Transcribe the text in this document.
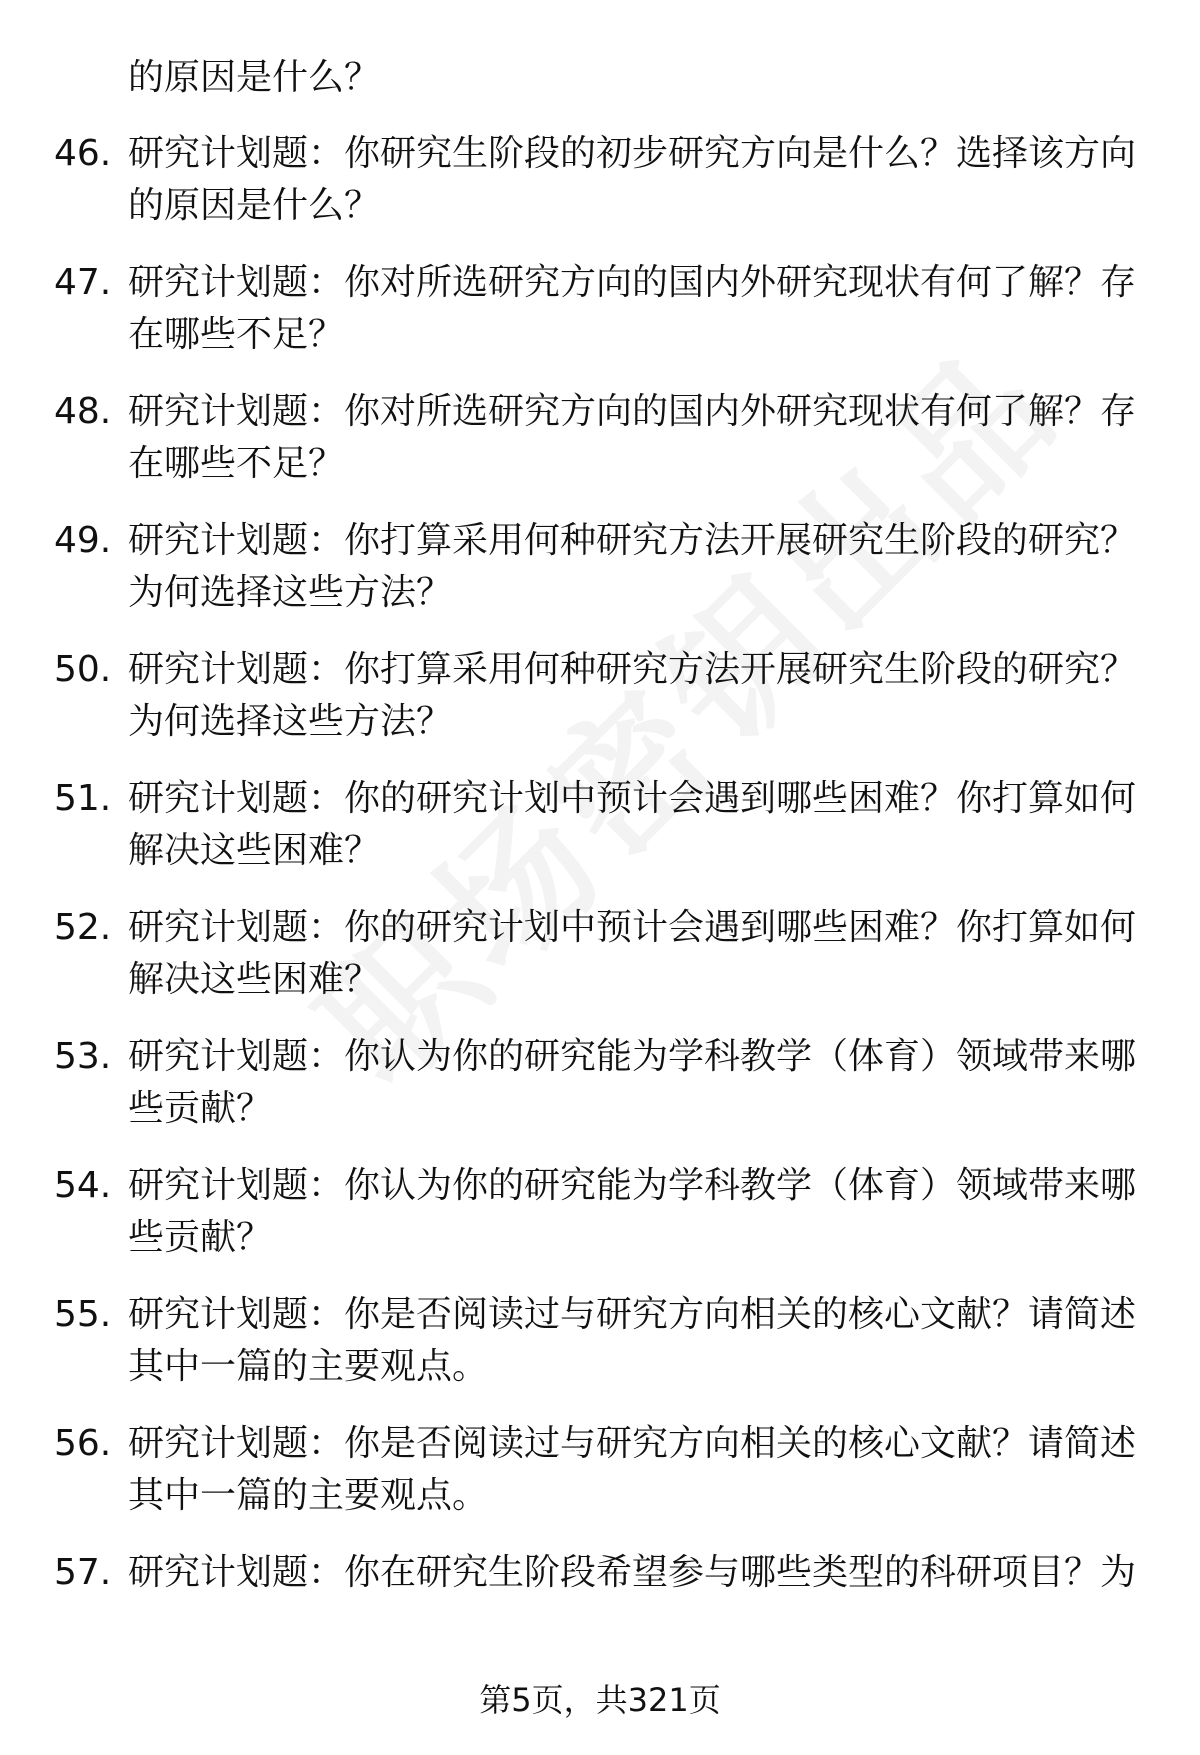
的原因是什么？
46. 研究计划题：你研究生阶段的初步研究方向是什么？选择该方向
的原因是什么？
47. 研究计划题：你对所选研究方向的国内外研究现状有何了解？存
在哪些不足？
48. 研究计划题：你对所选研究方向的国内外研究现状有何了解？存
在哪些不足？
49. 研究计划题：你打算采用何种研究方法开展研究生阶段的研究？
为何选择这些方法？
50. 研究计划题：你打算采用何种研究方法开展研究生阶段的研究？
为何选择这些方法？
51. 研究计划题：你的研究计划中预计会遇到哪些困难？你打算如何
解决这些困难？
52. 研究计划题：你的研究计划中预计会遇到哪些困难？你打算如何
解决这些困难？
53. 研究计划题：你认为你的研究能为学科教学（体育）领域带来哪
些贡献？
54. 研究计划题：你认为你的研究能为学科教学（体育）领域带来哪
些贡献？
55. 研究计划题：你是否阅读过与研究方向相关的核心文献？请简述
其中一篇的主要观点。
56. 研究计划题：你是否阅读过与研究方向相关的核心文献？请简述
其中一篇的主要观点。
57. 研究计划题：你在研究生阶段希望参与哪些类型的科研项目？为
第5页，共321页
